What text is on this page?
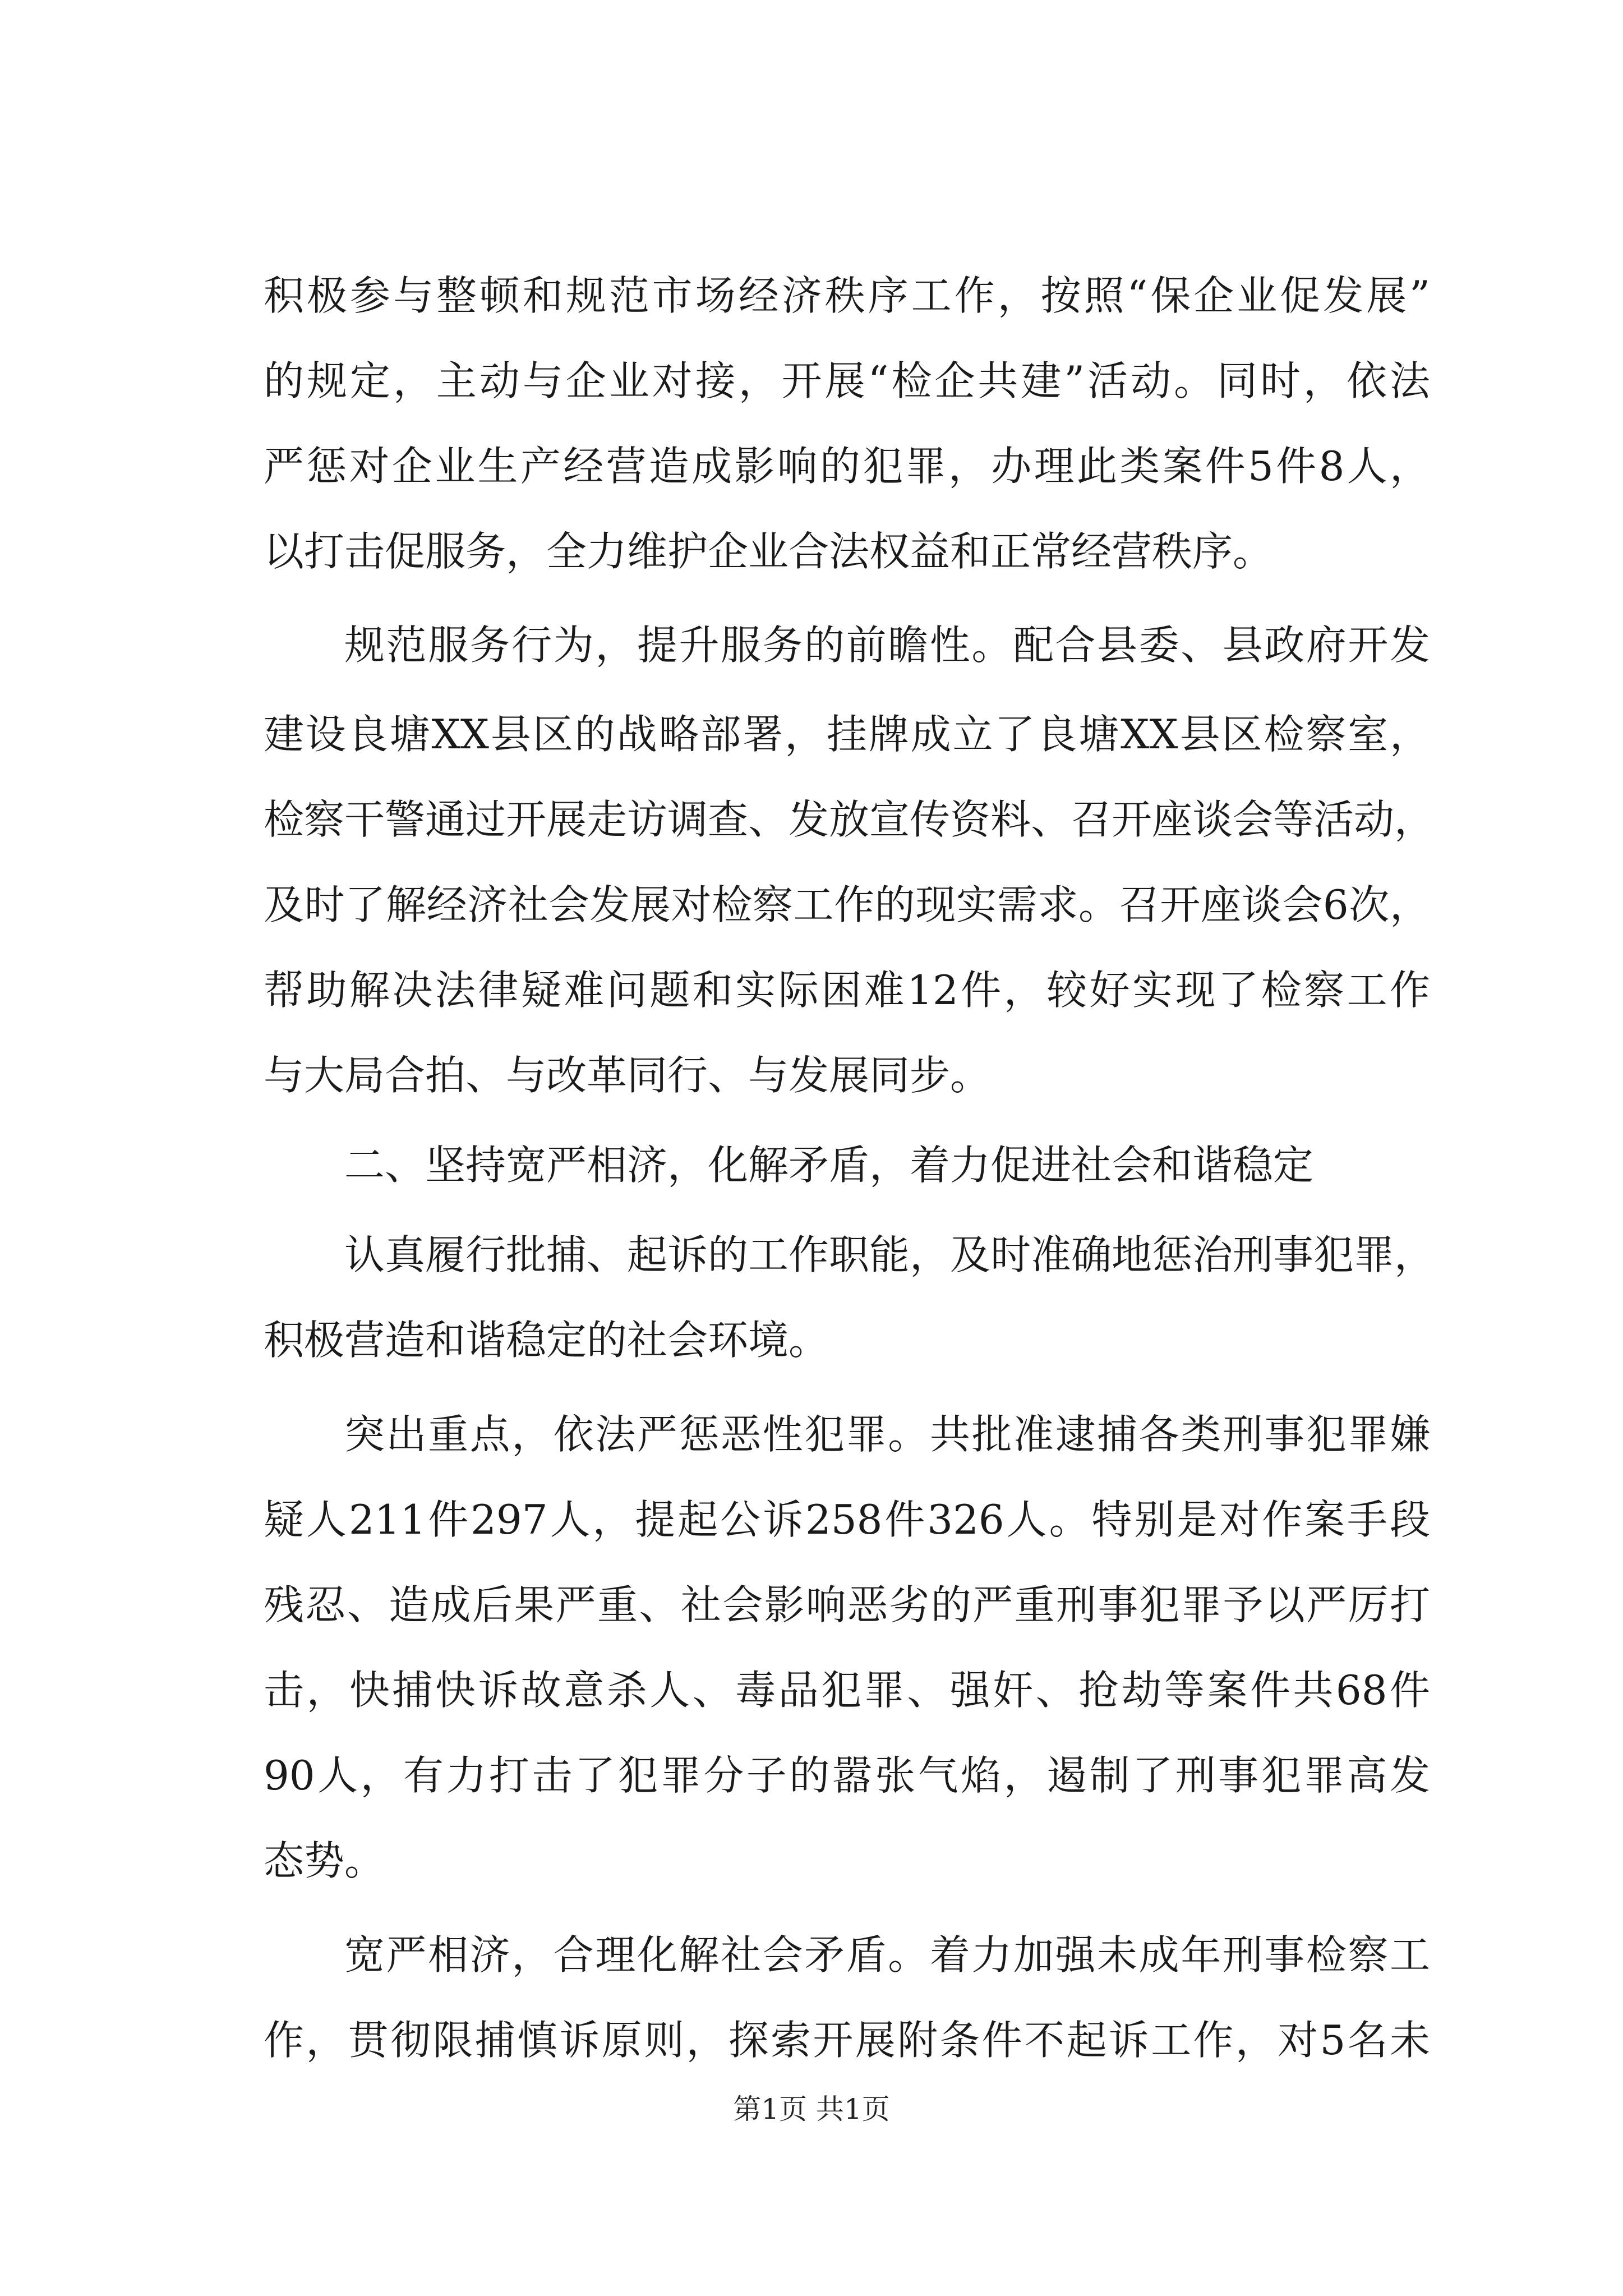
积极参与整顿和规范市场经济秩序工作，按照“保企业促发展”
的规定，主动与企业对接，开展“检企共建”活动。同时，依法
严惩对企业生产经营造成影响的犯罪，办理此类案件5件8人，
以打击促服务，全力维护企业合法权益和正常经营秩序。
规范服务行为，提升服务的前瞻性。配合县委、县政府开发
建设良塘XX县区的战略部署，挂牌成立了良塘XX县区检察室，
检察干警通过开展走访调查、发放宣传资料、召开座谈会等活动，
及时了解经济社会发展对检察工作的现实需求。召开座谈会6次，
帮助解决法律疑难问题和实际困难12件，较好实现了检察工作
与大局合拍、与改革同行、与发展同步。
二、坚持宽严相济，化解矛盾，着力促进社会和谐稳定
认真履行批捕、起诉的工作职能，及时准确地惩治刑事犯罪，
积极营造和谐稳定的社会环境。
突出重点，依法严惩恶性犯罪。共批准逮捕各类刑事犯罪嫌
疑人211件297人，提起公诉258件326人。特别是对作案手段
残忍、造成后果严重、社会影响恶劣的严重刑事犯罪予以严厉打
击，快捕快诉故意杀人、毒品犯罪、强奸、抢劫等案件共68件
90人，有力打击了犯罪分子的嚣张气焰，遏制了刑事犯罪高发
态势。
宽严相济，合理化解社会矛盾。着力加强未成年刑事检察工
作，贯彻限捕慎诉原则，探索开展附条件不起诉工作，对5名未
第1页 共1页
